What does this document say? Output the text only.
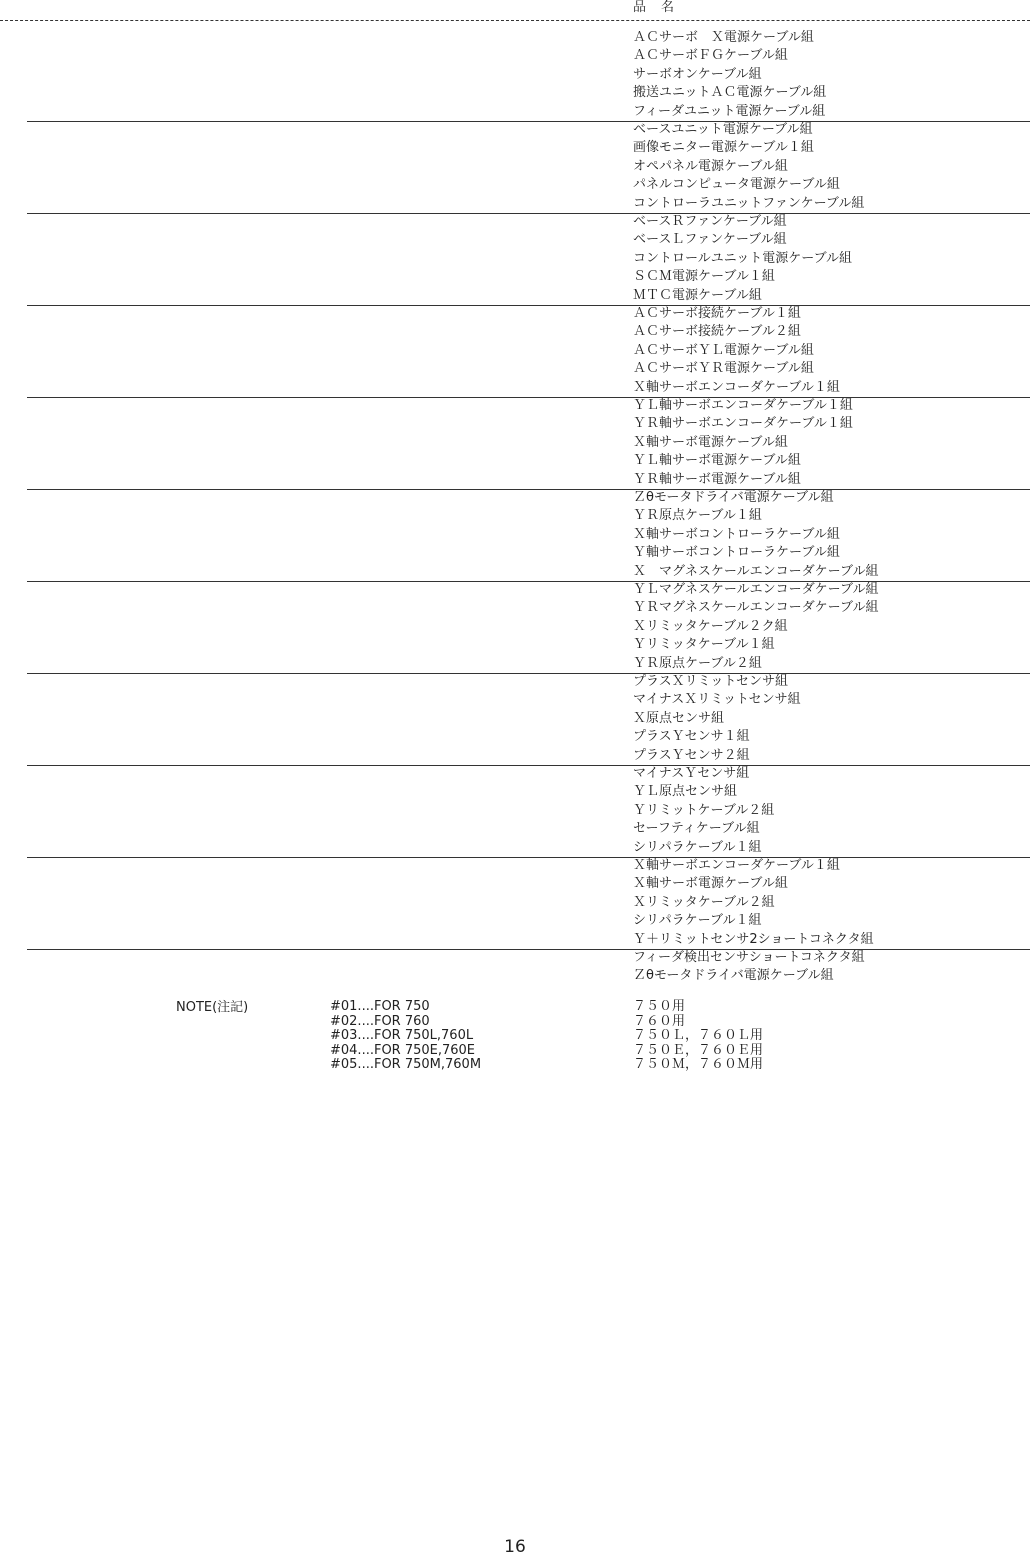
品　名
ＡＣサーボ　Ｘ電源ケーブル組
ＡＣサーボＦＧケーブル組
サーボオンケーブル組
搬送ユニットＡＣ電源ケーブル組
フィーダユニット電源ケーブル組
ベースユニット電源ケーブル組
画像モニター電源ケーブル１組
オペパネル電源ケーブル組
パネルコンピュータ電源ケーブル組
コントローラユニットファンケーブル組
ベースＲファンケーブル組
ベースＬファンケーブル組
コントロールユニット電源ケーブル組
ＳＣＭ電源ケーブル１組
ＭＴＣ電源ケーブル組
ＡＣサーボ接続ケーブル１組
ＡＣサーボ接続ケーブル２組
ＡＣサーボＹＬ電源ケーブル組
ＡＣサーボＹＲ電源ケーブル組
Ｘ軸サーボエンコーダケーブル１組
ＹＬ軸サーボエンコーダケーブル１組
ＹＲ軸サーボエンコーダケーブル１組
Ｘ軸サーボ電源ケーブル組
ＹＬ軸サーボ電源ケーブル組
ＹＲ軸サーボ電源ケーブル組
Ｚθモータドライバ電源ケーブル組
ＹＲ原点ケーブル１組
Ｘ軸サーボコントローラケーブル組
Ｙ軸サーボコントローラケーブル組
Ｘ　マグネスケールエンコーダケーブル組
ＹＬマグネスケールエンコーダケーブル組
ＹＲマグネスケールエンコーダケーブル組
Ｘリミッタケーブル２ク組
Ｙリミッタケーブル１組
ＹＲ原点ケーブル２組
プラスＸリミットセンサ組
マイナスＸリミットセンサ組
Ｘ原点センサ組
プラスＹセンサ１組
プラスＹセンサ２組
マイナスＹセンサ組
ＹＬ原点センサ組
Ｙリミットケーブル２組
セーフティケーブル組
シリパラケーブル１組
Ｘ軸サーボエンコーダケーブル１組
Ｘ軸サーボ電源ケーブル組
Ｘリミッタケーブル２組
シリパラケーブル１組
Ｙ＋リミットセンサ2ショートコネクタ組
フィーダ検出センサショートコネクタ組
Ｚθモータドライバ電源ケーブル組
NOTE(注記)	#01....FOR 750
#02....FOR 760
#03....FOR 750L,760L
#04....FOR 750E,760E
#05....FOR 750M,760M
７５０用
７６０用
７５０Ｌ，７６０Ｌ用
７５０Ｅ，７６０Ｅ用
７５０Ｍ，７６０Ｍ用
16
